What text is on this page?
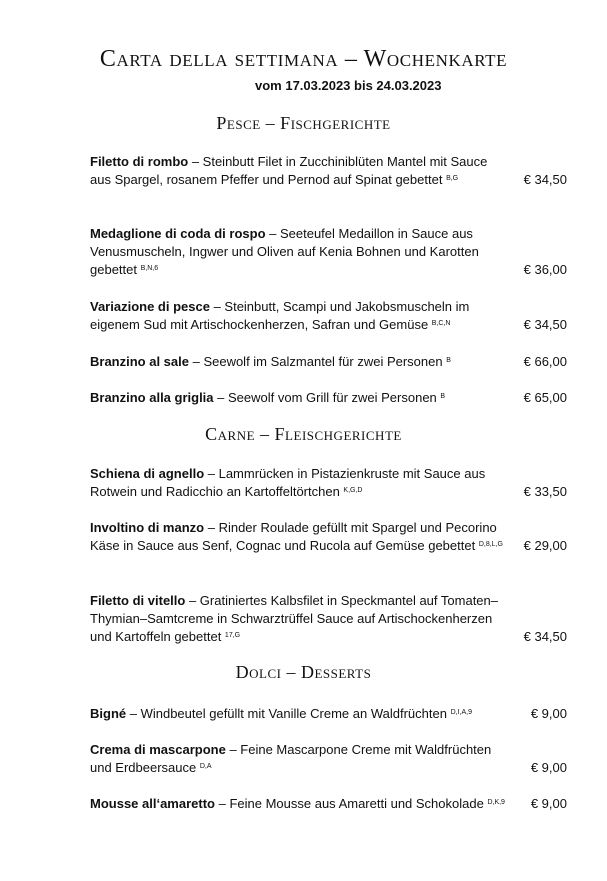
Carta della settimana – Wochenkarte
vom 17.03.2023 bis 24.03.2023
Pesce – Fischgerichte
Filetto di rombo – Steinbutt Filet in Zucchiniblüten Mantel mit Sauce aus Spargel, rosanem Pfeffer und Pernod auf Spinat gebettet $^{B,G}$	€ 34,50
Medaglione di coda di rospo – Seeteufel Medaillon in Sauce aus Venusmuscheln, Ingwer und Oliven auf Kenia Bohnen und Karotten gebettet $^{B,N,6}$	€ 36,00
Variazione di pesce – Steinbutt, Scampi und Jakobsmuscheln im eigenem Sud mit Artischockenherzen, Safran und Gemüse $^{B,C,N}$	€ 34,50
Branzino al sale – Seewolf im Salzmantel für zwei Personen $^B$	€ 66,00
Branzino alla griglia – Seewolf vom Grill für zwei Personen $^B$	€ 65,00
Carne – Fleischgerichte
Schiena di agnello – Lammrücken in Pistazienkruste mit Sauce aus Rotwein und Radicchio an Kartoffeltörtchen $^{K,G,D}$	€ 33,50
Involtino di manzo – Rinder Roulade gefüllt mit Spargel und Pecorino Käse in Sauce aus Senf, Cognac und Rucola auf Gemüse gebettet $^{D,8,L,G}$	€ 29,00
Filetto di vitello – Gratiniertes Kalbsfilet in Speckmantel auf Tomaten–Thymian–Samtcreme in Schwarztrüffel Sauce auf Artischockenherzen und Kartoffeln gebettet $^{17,G}$	€ 34,50
Dolci – Desserts
Bigné – Windbeutel gefüllt mit Vanille Creme an Waldfrüchten $^{D,I,A,9}$	€ 9,00
Crema di mascarpone – Feine Mascarpone Creme mit Waldfrüchten und Erdbeersauce $^{D,A}$	€ 9,00
Mousse all‘amaretto – Feine Mousse aus Amaretti und Schokolade $^{D,K,9}$	€ 9,00
